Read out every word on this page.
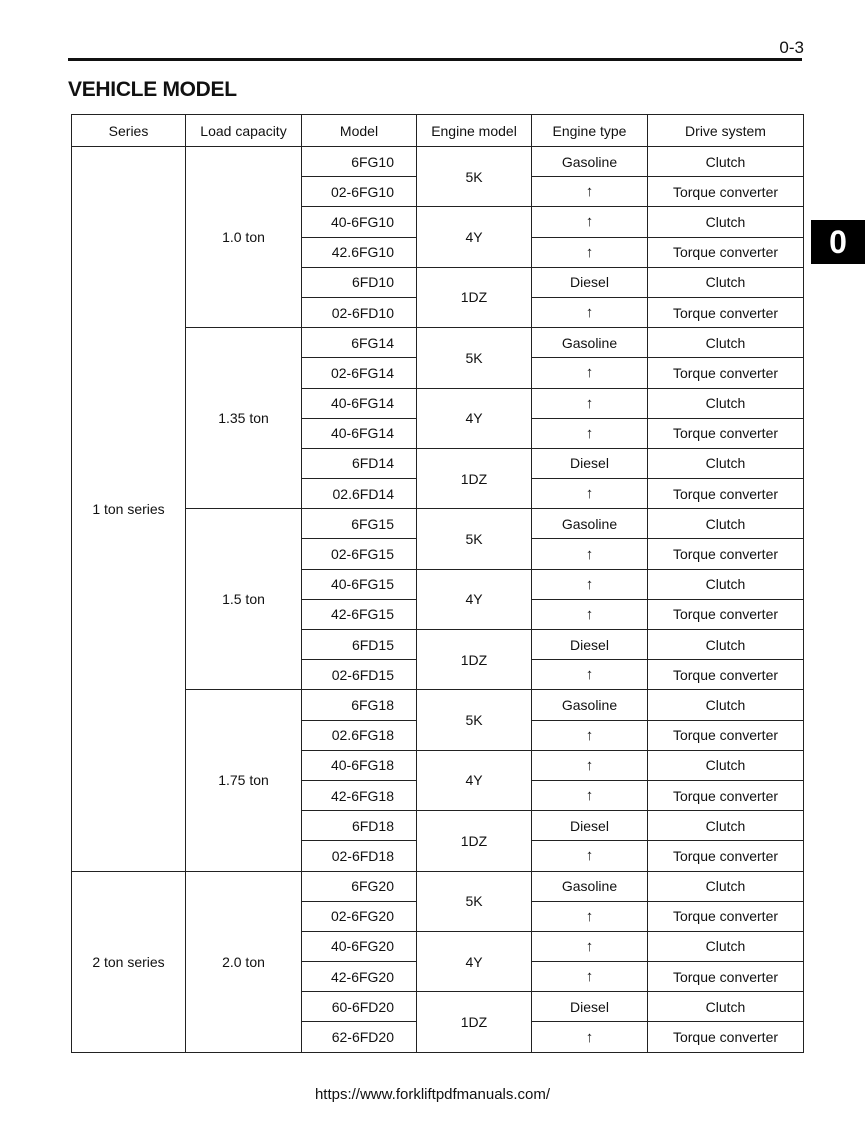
0-3
VEHICLE MODEL
0
Series	Load capacity	Model	Engine model	Engine type	Drive system
1 ton series	1.0 ton	6FG10	5K	Gasoline	Clutch
		02-6FG10		↑	Torque converter
		40-6FG10	4Y	↑	Clutch
		42.6FG10		↑	Torque converter
		6FD10	1DZ	Diesel	Clutch
		02-6FD10		↑	Torque converter
	1.35 ton	6FG14	5K	Gasoline	Clutch
		02-6FG14		↑	Torque converter
		40-6FG14	4Y	↑	Clutch
		40-6FG14		↑	Torque converter
		6FD14	1DZ	Diesel	Clutch
		02.6FD14		↑	Torque converter
	1.5 ton	6FG15	5K	Gasoline	Clutch
		02-6FG15		↑	Torque converter
		40-6FG15	4Y	↑	Clutch
		42-6FG15		↑	Torque converter
		6FD15	1DZ	Diesel	Clutch
		02-6FD15		↑	Torque converter
	1.75 ton	6FG18	5K	Gasoline	Clutch
		02.6FG18		↑	Torque converter
		40-6FG18	4Y	↑	Clutch
		42-6FG18		↑	Torque converter
		6FD18	1DZ	Diesel	Clutch
		02-6FD18		↑	Torque converter
2 ton series	2.0 ton	6FG20	5K	Gasoline	Clutch
		02-6FG20		↑	Torque converter
		40-6FG20	4Y	↑	Clutch
		42-6FG20		↑	Torque converter
		60-6FD20	1DZ	Diesel	Clutch
		62-6FD20		↑	Torque converter
https://www.forkliftpdfmanuals.com/
